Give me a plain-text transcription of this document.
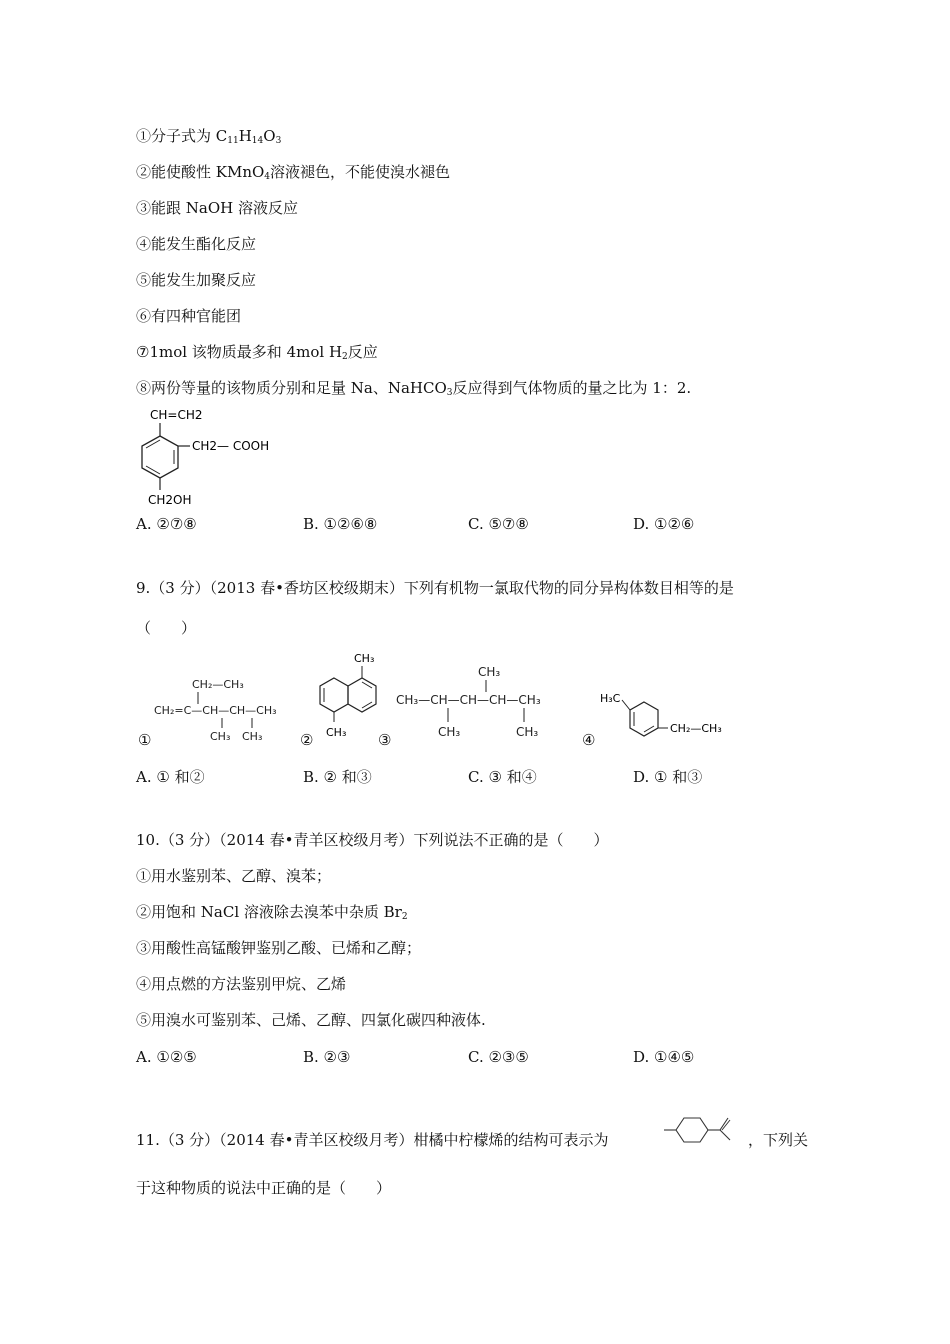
①分子式为 $C_{11}H_{14}O_3$
②能使酸性 KMnO$_4$溶液褪色，不能使溴水褪色
③能跟 NaOH 溶液反应
④能发生酯化反应
⑤能发生加聚反应
⑥有四种官能团
⑦1mol 该物质最多和 4mol $H_2$反应
⑧两份等量的该物质分别和足量 Na、NaHCO$_3$反应得到气体物质的量之比为 1：2.
CH=CH2
CH2— COOH
CH2OH
A. ②⑦⑧	B. ①②⑥⑧	C. ⑤⑦⑧	D. ①②⑥
9.（3 分）（2013 春•香坊区校级期末）下列有机物一氯取代物的同分异构体数目相等的是
（　　）
①	②	③	④
CH₂—CH₃
CH₂=C—CH—CH—CH₃
CH₃ CH₃
CH₃
CH₃
CH₃
CH₃—CH—CH—CH—CH₃
CH₃	CH₃
H₃C
CH₂—CH₃
A. ① 和②	B. ② 和③	C. ③ 和④	D. ① 和③
10.（3 分）（2014 春•青羊区校级月考）下列说法不正确的是（　　）
①用水鉴别苯、乙醇、溴苯；
②用饱和 NaCl 溶液除去溴苯中杂质 $Br_2$
③用酸性高锰酸钾鉴别乙酸、已烯和乙醇；
④用点燃的方法鉴别甲烷、乙烯
⑤用溴水可鉴别苯、己烯、乙醇、四氯化碳四种液体.
A. ①②⑤	B. ②③	C. ②③⑤	D. ①④⑤
11.（3 分）（2014 春•青羊区校级月考）柑橘中柠檬烯的结构可表示为	，下列关
于这种物质的说法中正确的是（　　）
